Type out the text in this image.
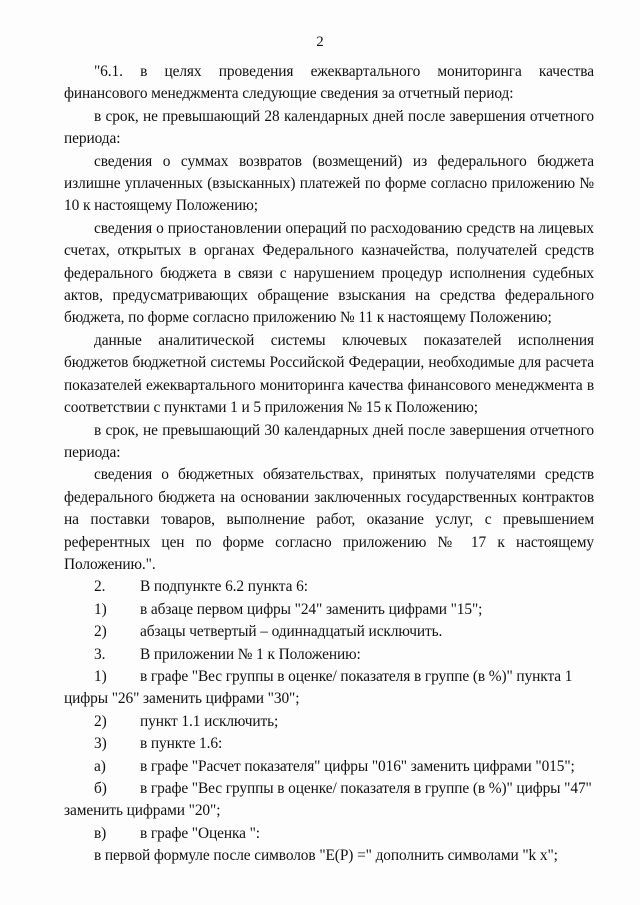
2

"6.1. в целях проведения ежеквартального мониторинга качества финансового менеджмента следующие сведения за отчетный период:

в срок, не превышающий 28 календарных дней после завершения отчетного периода:

сведения о суммах возвратов (возмещений) из федерального бюджета излишне уплаченных (взысканных) платежей по форме согласно приложению № 10 к настоящему Положению;

сведения о приостановлении операций по расходованию средств на лицевых счетах, открытых в органах Федерального казначейства, получателей средств федерального бюджета в связи с нарушением процедур исполнения судебных актов, предусматривающих обращение взыскания на средства федерального бюджета, по форме согласно приложению № 11 к настоящему Положению;

данные аналитической системы ключевых показателей исполнения бюджетов бюджетной системы Российской Федерации, необходимые для расчета показателей ежеквартального мониторинга качества финансового менеджмента в соответствии с пунктами 1 и 5 приложения № 15 к Положению;

в срок, не превышающий 30 календарных дней после завершения отчетного периода:

сведения о бюджетных обязательствах, принятых получателями средств федерального бюджета на основании заключенных государственных контрактов на поставки товаров, выполнение работ, оказание услуг, с превышением референтных цен по форме согласно приложению № 17 к настоящему Положению.".

2.	В подпункте 6.2 пункта 6:
1)	в абзаце первом цифры "24" заменить цифрами "15";
2)	абзацы четвертый – одиннадцатый исключить.
3.	В приложении № 1 к Положению:

1) в графе "Вес группы в оценке/ показателя в группе (в %)" пункта 1

цифры "26" заменить цифрами "30";

2)	пункт 1.1 исключить;
3)	в пункте 1.6:
а)	в графе "Расчет показателя" цифры "016" заменить цифрами "015";

б) в графе "Вес группы в оценке/ показателя в группе (в %)" цифры "47"

заменить цифрами "20";

в)	в графе "Оценка ":

в первой формуле после символов "E(P) =" дополнить символами "k x";
